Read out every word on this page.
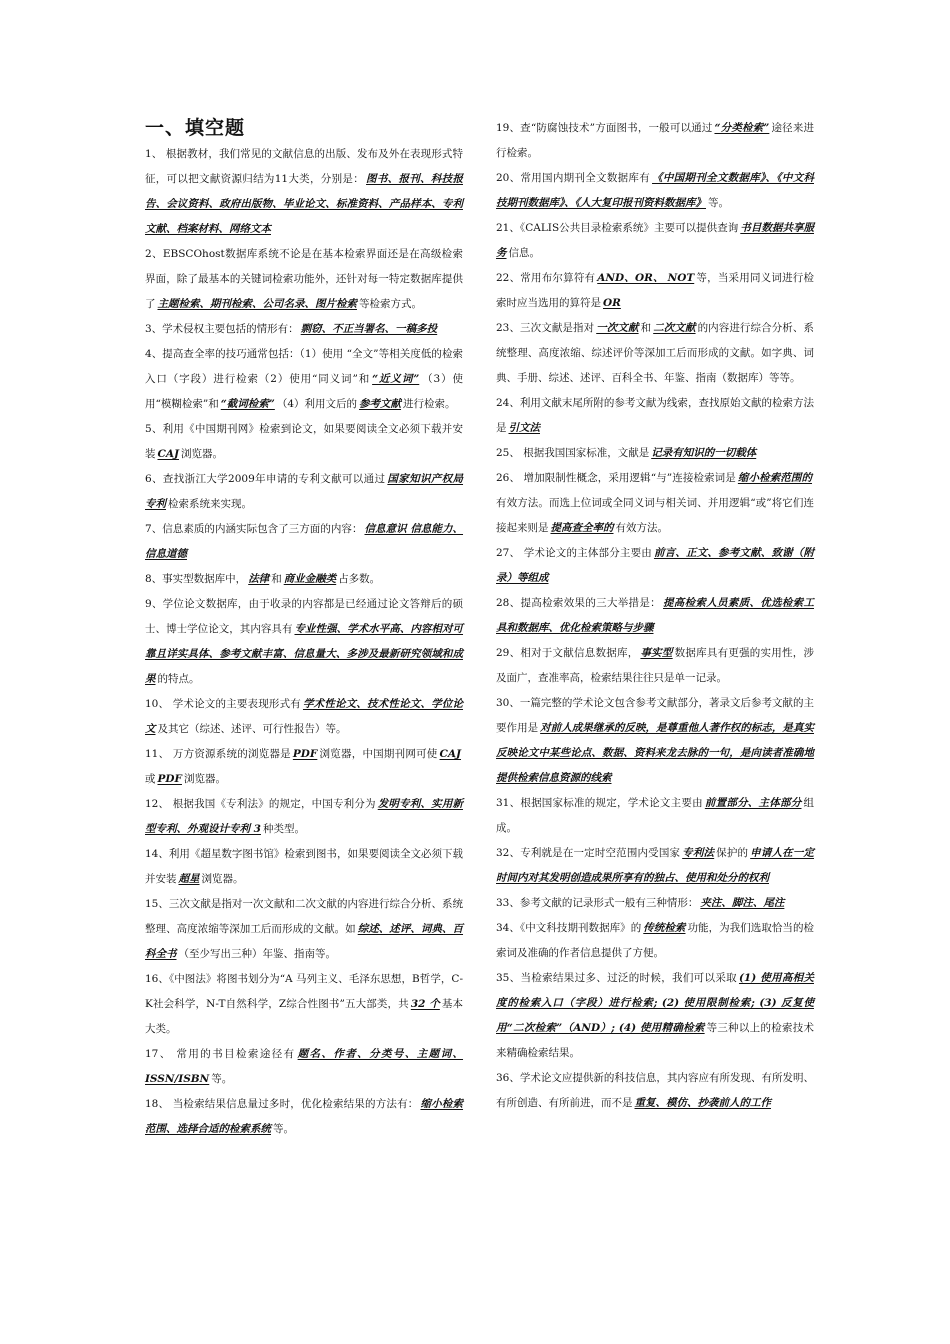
一、填空题

1、 根据教材，我们常见的文献信息的出版、发布及外在表现形式特征，可以把文献资源归结为11大类，分别是： 图书、报刊、科技报告、会议资料、政府出版物、毕业论文、标准资料、产品样本、专利文献、档案材料、网络文本

2、EBSCOhost数据库系统不论是在基本检索界面还是在高级检索界面，除了最基本的关键词检索功能外，还针对每一特定数据库提供了 主题检索、期刊检索、公司名录、图片检索 等检索方式。

3、学术侵权主要包括的情形有： 剽窃、不正当署名、一稿多投

4、提高查全率的技巧通常包括：（1）使用 “全文”等相关度低的检索入口（字段）进行检索（2）使用“同义词”和 “近义词” （3）使用“模糊检索”和 “截词检索” （4）利用文后的 参考文献 进行检索。

5、利用《中国期刊网》检索到论文，如果要阅读全文必须下载并安装 CAJ 浏览器。

6、查找浙江大学2009年申请的专利文献可以通过 国家知识产权局专利 检索系统来实现。

7、信息素质的内涵实际包含了三方面的内容： 信息意识 信息能力、信息道德

8、事实型数据库中， 法律 和 商业金融类 占多数。

9、学位论文数据库，由于收录的内容都是已经通过论文答辩后的硕士、博士学位论文，其内容具有 专业性强、学术水平高、内容相对可靠且详实具体、参考文献丰富、信息量大、多涉及最新研究领域和成果 的特点。

10、 学术论文的主要表现形式有 学术性论文、技术性论文、学位论文 及其它（综述、述评、可行性报告）等。

11、 万方资源系统的浏览器是 PDF 浏览器，中国期刊网可使 CAJ或 PDF 浏览器。

12、 根据我国《专利法》的规定，中国专利分为 发明专利、实用新型专利、外观设计专利 3 种类型。

14、利用《超星数字图书馆》检索到图书，如果要阅读全文必须下载并安装 超星 浏览器。

15、三次文献是指对一次文献和二次文献的内容进行综合分析、系统整理、高度浓缩等深加工后而形成的文献。如 综述、述评、词典、百科全书 （至少写出三种）年鉴、指南等。

16、《中图法》将图书划分为“A 马列主义、毛泽东思想，B哲学，C-K社会科学，N-T自然科学，Z综合性图书”五大部类，共 32 个 基本大类。

17、 常用的书目检索途径有 题名、作者、分类号、主题词、ISSN/ISBN 等。

18、 当检索结果信息量过多时，优化检索结果的方法有： 缩小检索范围、选择合适的检索系统 等。

19、查“防腐蚀技术”方面图书，一般可以通过 “分类检索” 途径来进行检索。

20、常用国内期刊全文数据库有 《中国期刊全文数据库》、《中文科技期刊数据库》、《人大复印报刊资料数据库》 等。

21、《CALIS公共目录检索系统》主要可以提供查询 书目数据共享服务 信息。

22、常用布尔算符有 AND、OR、 NOT 等，当采用同义词进行检索时应当选用的算符是 OR

23、三次文献是指对 一次文献 和 二次文献 的内容进行综合分析、系统整理、高度浓缩、综述评价等深加工后而形成的文献。如字典、词典、手册、综述、述评、百科全书、年鉴、指南（数据库）等等。

24、利用文献末尾所附的参考文献为线索，查找原始文献的检索方法是 引文法

25、 根据我国国家标准，文献是 记录有知识的一切载体

26、 增加限制性概念，采用逻辑“与”连接检索词是 缩小检索范围的有效方法。而选上位词或全同义词与相关词、并用逻辑“或”将它们连接起来则是 提高查全率的 有效方法。

27、 学术论文的主体部分主要由 前言、正文、参考文献、致谢（附录）等组成

28、提高检索效果的三大举措是： 提高检索人员素质、优选检索工具和数据库、优化检索策略与步骤

29、相对于文献信息数据库， 事实型 数据库具有更强的实用性，涉及面广，查准率高，检索结果往往只是单一记录。

30、一篇完整的学术论文包含参考文献部分，著录文后参考文献的主要作用是 对前人成果继承的反映，是尊重他人著作权的标志，是真实反映论文中某些论点、数据、资料来龙去脉的一句，是向读者准确地提供检索信息资源的线索

31、根据国家标准的规定，学术论文主要由 前置部分、主体部分 组成。

32、专利就是在一定时空范围内受国家 专利法 保护的 申请人在一定时间内对其发明创造成果所享有的独占、使用和处分的权利

33、参考文献的记录形式一般有三种情形： 夹注、脚注、尾注

34、《中文科技期刊数据库》的 传统检索 功能，为我们选取恰当的检索词及准确的作者信息提供了方便。

35、当检索结果过多、过泛的时候，我们可以采取 (1) 使用高相关度的检索入口（字段）进行检索; (2) 使用限制检索; (3) 反复使用“二次检索”（AND）; (4) 使用精确检索 等三种以上的检索技术来精确检索结果。

36、学术论文应提供新的科技信息，其内容应有所发现、有所发明、有所创造、有所前进，而不是 重复、模仿、抄袭前人的工作
